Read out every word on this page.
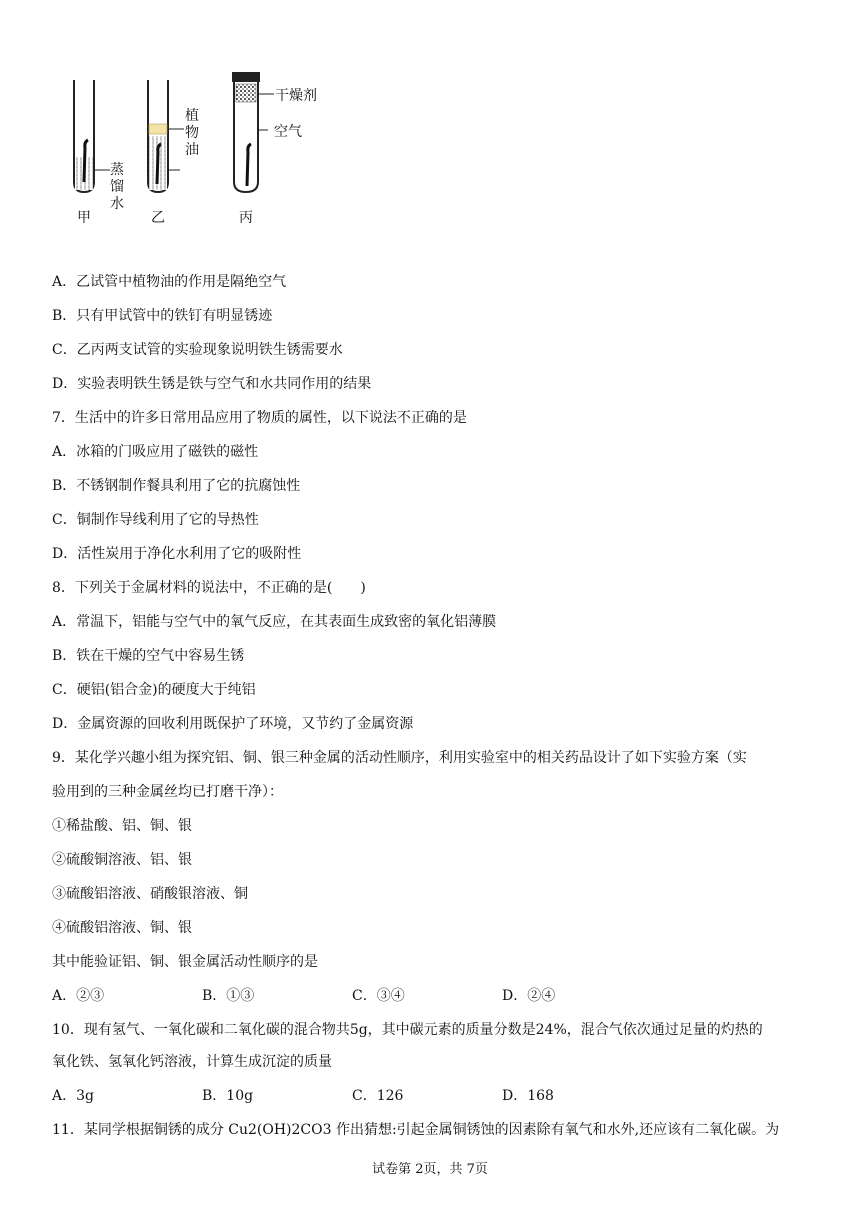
蒸
馏
水
甲
植
物
油
乙
干燥剂
空气
丙
A．乙试管中植物油的作用是隔绝空气
B．只有甲试管中的铁钉有明显锈迹
C．乙丙两支试管的实验现象说明铁生锈需要水
D．实验表明铁生锈是铁与空气和水共同作用的结果
7．生活中的许多日常用品应用了物质的属性，以下说法不正确的是
A．冰箱的门吸应用了磁铁的磁性
B．不锈钢制作餐具利用了它的抗腐蚀性
C．铜制作导线利用了它的导热性
D．活性炭用于净化水利用了它的吸附性
8．下列关于金属材料的说法中，不正确的是(　　)
A．常温下，铝能与空气中的氧气反应，在其表面生成致密的氧化铝薄膜
B．铁在干燥的空气中容易生锈
C．硬铝(铝合金)的硬度大于纯铝
D．金属资源的回收利用既保护了环境，又节约了金属资源
9．某化学兴趣小组为探究铝、铜、银三种金属的活动性顺序，利用实验室中的相关药品设计了如下实验方案（实
验用到的三种金属丝均已打磨干净）：
①稀盐酸、铝、铜、银
②硫酸铜溶液、铝、银
③硫酸铝溶液、硝酸银溶液、铜
④硫酸铝溶液、铜、银
其中能验证铝、铜、银金属活动性顺序的是
A．②③	B．①③	C．③④	D．②④
10．现有氢气、一氧化碳和二氧化碳的混合物共5g，其中碳元素的质量分数是24%，混合气依次通过足量的灼热的
氧化铁、氢氧化钙溶液，计算生成沉淀的质量
A．3g	B．10g	C．126	D．168
11．某同学根据铜锈的成分 Cu2(OH)2CO3 作出猜想:引起金属铜锈蚀的因素除有氧气和水外,还应该有二氧化碳。为
试卷第 2页，共 7页
